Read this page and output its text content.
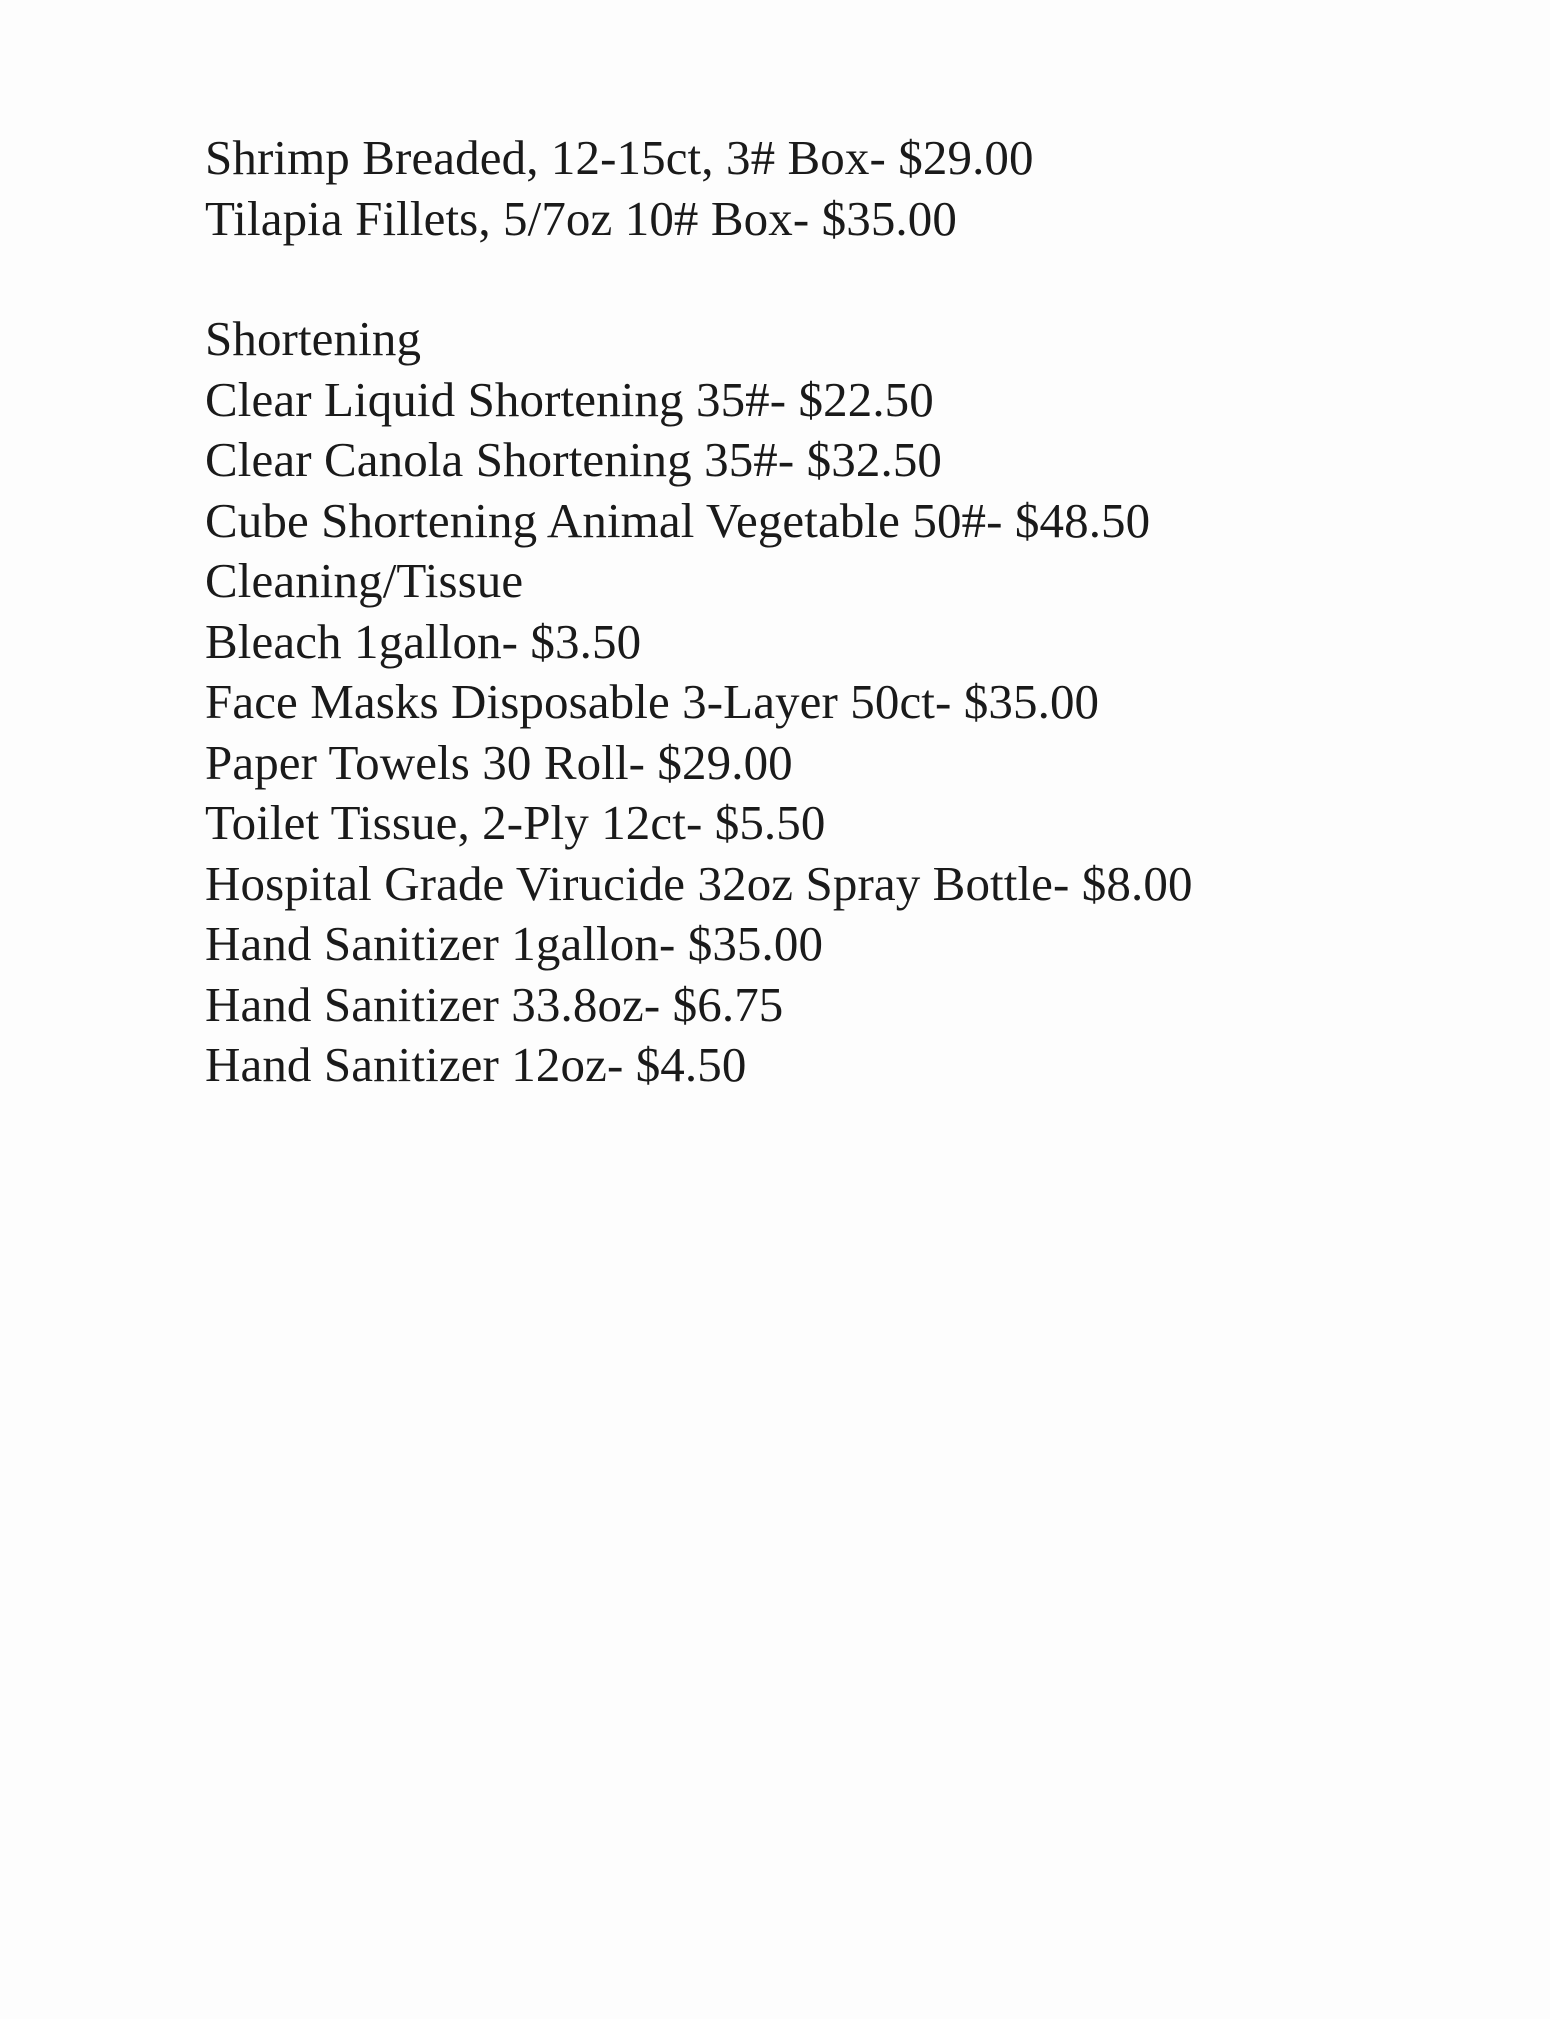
Shrimp Breaded, 12-15ct, 3# Box- $29.00
Tilapia Fillets, 5/7oz 10# Box- $35.00
Shortening
Clear Liquid Shortening 35#- $22.50
Clear Canola Shortening 35#- $32.50
Cube Shortening Animal Vegetable 50#- $48.50
Cleaning/Tissue
Bleach 1gallon- $3.50
Face Masks Disposable 3-Layer 50ct- $35.00
Paper Towels 30 Roll- $29.00
Toilet Tissue, 2-Ply 12ct- $5.50
Hospital Grade Virucide 32oz Spray Bottle- $8.00
Hand Sanitizer 1gallon- $35.00
Hand Sanitizer 33.8oz- $6.75
Hand Sanitizer 12oz- $4.50
